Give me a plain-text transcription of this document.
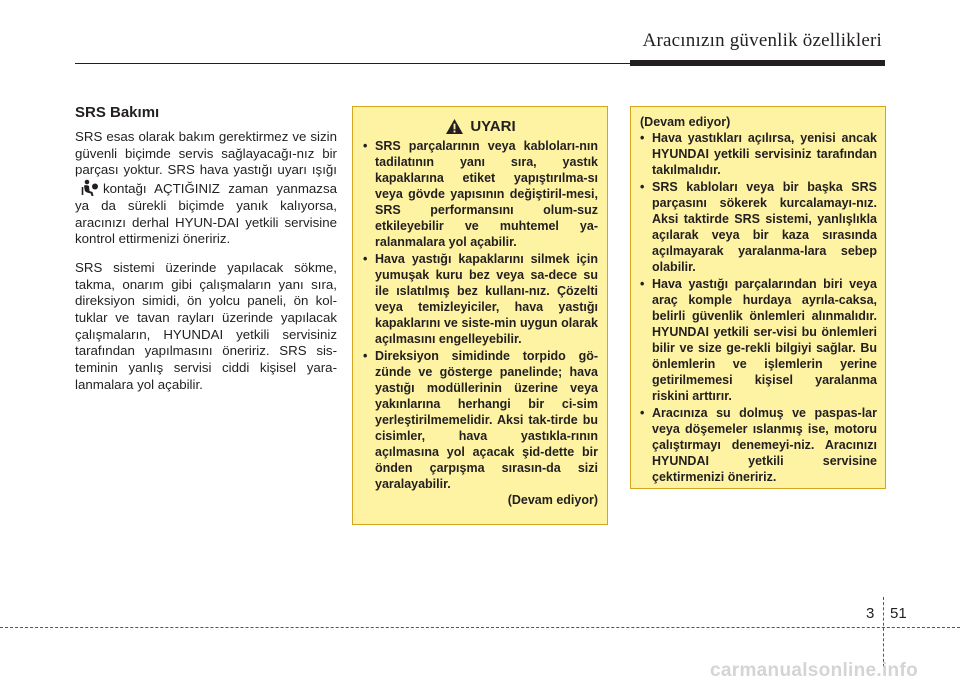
Aracınızın güvenlik özellikleri
SRS Bakımı

SRS esas olarak bakım gerektirmez ve sizin güvenli biçimde servis sağlayacağı-nız bir parçası yoktur. SRS hava yastığı uyarı ışığıkontağı AÇTIĞINIZ zaman yanmazsa ya da sürekli biçimde yanık kalıyorsa, aracınızı derhal HYUN-DAI yetkili servisine kontrol ettirmenizi öneririz.

SRS sistemi üzerinde yapılacak sökme, takma, onarım gibi çalışmaların yanı sıra, direksiyon simidi, ön yolcu paneli, ön kol-tuklar ve tavan rayları üzerinde yapılacak çalışmaların, HYUNDAI yetkili servisiniz tarafından yapılmasını öneririz. SRS sis-teminin yanlış servisi ciddi kişisel yara-lanmalara yol açabilir.

UYARI
• SRS parçalarının veya kabloları-nın tadilatının yanı sıra, yastık kapaklarına etiket yapıştırılma-sı veya gövde yapısının değiştiril-mesi, SRS performansını olum-suz etkileyebilir ve muhtemel ya-ralanmalara yol açabilir.
• Hava yastığı kapaklarını silmek için yumuşak kuru bez veya sa-dece su ile ıslatılmış bez kullanı-nız. Çözelti veya temizleyiciler, hava yastığı kapaklarını ve siste-min uygun olarak açılmasını engelleyebilir.
• Direksiyon simidinde torpido gö-zünde ve gösterge panelinde; hava yastığı modüllerinin üzerine veya yakınlarına herhangi bir ci-sim yerleştirilmemelidir. Aksi tak-tirde bu cisimler, hava yastıkla-rının açılmasına yol açacak şid-dette bir önden çarpışma sırasın-da sizi yaralayabilir.
(Devam ediyor)
(Devam ediyor)
• Hava yastıkları açılırsa, yenisi ancak HYUNDAI yetkili servisiniz tarafından takılmalıdır.
• SRS kabloları veya bir başka SRS parçasını sökerek kurcalamayı-nız. Aksi taktirde SRS sistemi, yanlışlıkla açılarak veya bir kaza sırasında açılmayarak yaralanma-lara sebep olabilir.
• Hava yastığı parçalarından biri veya araç komple hurdaya ayrıla-caksa, belirli güvenlik önlemleri alınmalıdır. HYUNDAI yetkili ser-visi bu önlemleri bilir ve size ge-rekli bilgiyi sağlar. Bu önlemlerin ve işlemlerin yerine getirilmemesi kişisel yaralanma riskini arttırır.
• Aracınıza su dolmuş ve paspas-lar veya döşemeler ıslanmış ise, motoru çalıştırmayı denemeyi-niz. Aracınızı HYUNDAI yetkili servisine çektirmenizi öneririz.
3 51
carmanualsonline.info
